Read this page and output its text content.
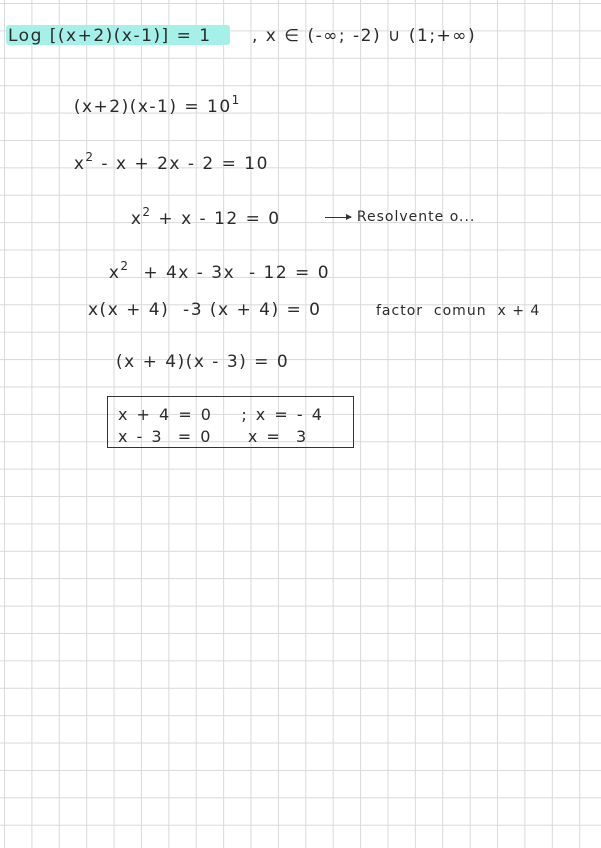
Log [(x+2)(x-1)] = 1 , x ∈ (-∞; -2) ∪ (1;+∞)

$(x+2)(x-1) = 10^1$

$x^2 - x + 2x - 2 = 10$

$x^2 + x - 12 = 0$	Resolvente o...

$x^2 + 4x - 3x - 12 = 0$

x(x + 4)  -3 (x + 4) = 0	factor  comun  x + 4
(x + 4)(x - 3) = 0
x + 4 = 0    ; x = - 4
x - 3  = 0     x =  3
